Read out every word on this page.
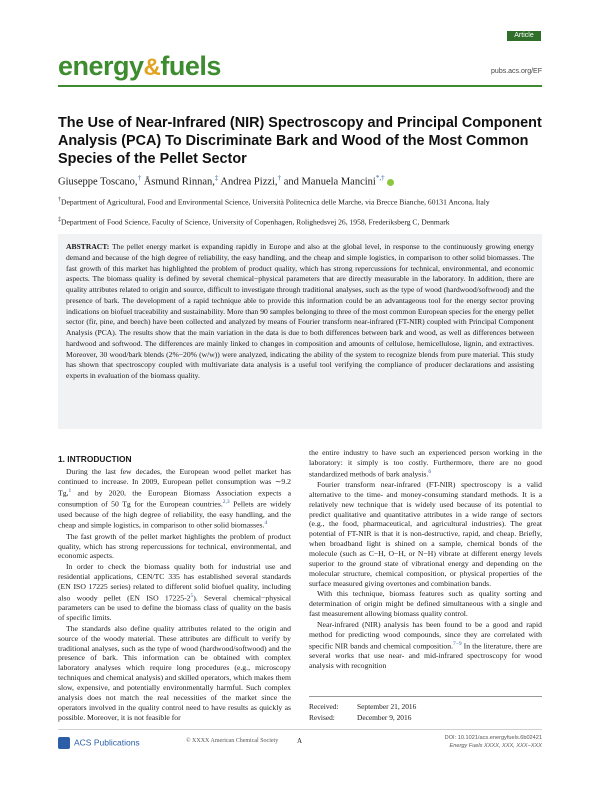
Article
energy&fuels	pubs.acs.org/EF
The Use of Near-Infrared (NIR) Spectroscopy and Principal Component Analysis (PCA) To Discriminate Bark and Wood of the Most Common Species of the Pellet Sector
Giuseppe Toscano,† Åsmund Rinnan,‡ Andrea Pizzi,† and Manuela Mancini*,†
†Department of Agricultural, Food and Environmental Science, Università Politecnica delle Marche, via Brecce Bianche, 60131 Ancona, Italy
‡Department of Food Science, Faculty of Science, University of Copenhagen, Rolighedsvej 26, 1958, Frederiksberg C, Denmark

ABSTRACT: The pellet energy market is expanding rapidly in Europe and also at the global level, in response to the continuously growing energy demand and because of the high degree of reliability, the easy handling, and the cheap and simple logistics, in comparison to other solid biomasses. The fast growth of this market has highlighted the problem of product quality, which has strong repercussions for technical, environmental, and economic aspects. The biomass quality is defined by several chemical−physical parameters that are directly measurable in the laboratory. In addition, there are quality attributes related to origin and source, difficult to investigate through traditional analyses, such as the type of wood (hardwood/softwood) and the presence of bark. The development of a rapid technique able to provide this information could be an advantageous tool for the energy sector proving indications on biofuel traceability and sustainability. More than 90 samples belonging to three of the most common European species for the energy pellet sector (fir, pine, and beech) have been collected and analyzed by means of Fourier transform near-infrared (FT-NIR) coupled with Principal Component Analysis (PCA). The results show that the main variation in the data is due to both differences between bark and wood, as well as differences between hardwood and softwood. The differences are mainly linked to changes in composition and amounts of cellulose, hemicellulose, lignin, and extractives. Moreover, 30 wood/bark blends (2%−20% (w/w)) were analyzed, indicating the ability of the system to recognize blends from pure material. This study has shown that spectroscopy coupled with multivariate data analysis is a useful tool verifying the compliance of producer declarations and assisting experts in evaluation of the biomass quality.

1. INTRODUCTION

During the last few decades, the European wood pellet market has continued to increase. In 2009, European pellet consumption was ∼9.2 Tg,$^1$ and by 2020, the European Biomass Association expects a consumption of 50 Tg for the European countries.$^{2,3}$ Pellets are widely used because of the high degree of reliability, the easy handling, and the cheap and simple logistics, in comparison to other solid biomasses.$^4$

The fast growth of the pellet market highlights the problem of product quality, which has strong repercussions for technical, environmental, and economic aspects.

In order to check the biomass quality both for industrial use and residential applications, CEN/TC 335 has established several standards (EN ISO 17225 series) related to different solid biofuel quality, including also woody pellet (EN ISO $17225-2^5$). Several chemical−physical parameters can be used to define the biomass class of quality on the basis of specific limits.

The standards also define quality attributes related to the origin and source of the woody material. These attributes are difficult to verify by traditional analyses, such as the type of wood (hardwood/softwood) and the presence of bark. This information can be obtained with complex laboratory analyses which require long procedures (e.g., microscopy techniques and chemical analysis) and skilled operators, which makes them slow, expensive, and potentially environmentally harmful. Such complex analysis does not match the real necessities of the market since the operators involved in the quality control need to have results as quickly as possible. Moreover, it is not feasible for

the entire industry to have such an experienced person working in the laboratory: it simply is too costly. Furthermore, there are no good standardized methods of bark analysis.$^6$

Fourier transform near-infrared (FT-NIR) spectroscopy is a valid alternative to the time- and money-consuming standard methods. It is a relatively new technique that is widely used because of its potential to predict qualitative and quantitative attributes in a wide range of sectors (e.g., the food, pharmaceutical, and agricultural industries). The great potential of FT-NIR is that it is non-destructive, rapid, and cheap. Briefly, when broadband light is shined on a sample, chemical bonds of the molecule (such as C−H, O−H, or N−H) vibrate at different energy levels superior to the ground state of vibrational energy and depending on the molecular structure, chemical composition, or physical properties of the surface measured giving overtones and combination bands.

With this technique, biomass features such as quality sorting and determination of origin might be defined simultaneous with a single and fast measurement allowing biomass quality control.

Near-infrared (NIR) analysis has been found to be a good and rapid method for predicting wood compounds, since they are correlated with specific NIR bands and chemical composition.$^{7-9}$ In the literature, there are several works that use near- and mid-infrared spectroscopy for wood analysis with recognition

Received: September 21, 2016
Revised:	December 9, 2016
ACS Publications	© XXXX American Chemical Society	A	DOI: 10.1021/acs.energyfuels.6b02421
Energy Fuels XXXX, XXX, XXX−XXX
